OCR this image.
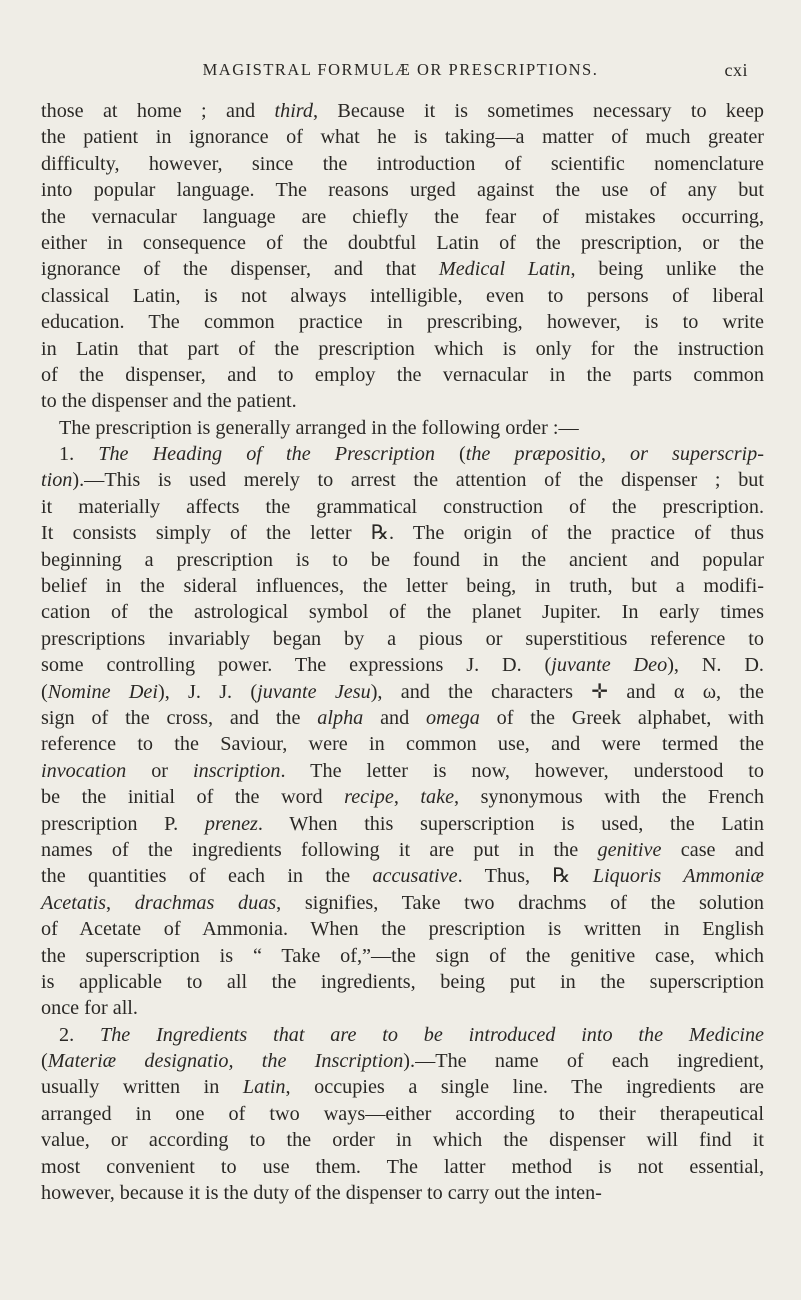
MAGISTRAL FORMULÆ OR PRESCRIPTIONS.	cxi
those at home ; and third, Because it is sometimes necessary to keep
the patient in ignorance of what he is taking—a matter of much greater
difficulty, however, since the introduction of scientific nomenclature
into popular language. The reasons urged against the use of any but
the vernacular language are chiefly the fear of mistakes occurring,
either in consequence of the doubtful Latin of the prescription, or the
ignorance of the dispenser, and that Medical Latin, being unlike the
classical Latin, is not always intelligible, even to persons of liberal
education. The common practice in prescribing, however, is to write
in Latin that part of the prescription which is only for the instruction
of the dispenser, and to employ the vernacular in the parts common
to the dispenser and the patient.
The prescription is generally arranged in the following order :—
1. The Heading of the Prescription (the præpositio, or superscrip-
tion).—This is used merely to arrest the attention of the dispenser ; but
it materially affects the grammatical construction of the prescription.
It consists simply of the letter ℞. The origin of the practice of thus
beginning a prescription is to be found in the ancient and popular
belief in the sideral influences, the letter being, in truth, but a modifi-
cation of the astrological symbol of the planet Jupiter. In early times
prescriptions invariably began by a pious or superstitious reference to
some controlling power. The expressions J. D. (juvante Deo), N. D.
(Nomine Dei), J. J. (juvante Jesu), and the characters ✛ and α ω, the
sign of the cross, and the alpha and omega of the Greek alphabet, with
reference to the Saviour, were in common use, and were termed the
invocation or inscription. The letter is now, however, understood to
be the initial of the word recipe, take, synonymous with the French
prescription P. prenez. When this superscription is used, the Latin
names of the ingredients following it are put in the genitive case and
the quantities of each in the accusative. Thus, ℞ Liquoris Ammoniæ
Acetatis, drachmas duas, signifies, Take two drachms of the solution
of Acetate of Ammonia. When the prescription is written in English
the superscription is “ Take of,”—the sign of the genitive case, which
is applicable to all the ingredients, being put in the superscription
once for all.
2. The Ingredients that are to be introduced into the Medicine
(Materiæ designatio, the Inscription).—The name of each ingredient,
usually written in Latin, occupies a single line. The ingredients are
arranged in one of two ways—either according to their therapeutical
value, or according to the order in which the dispenser will find it
most convenient to use them. The latter method is not essential,
however, because it is the duty of the dispenser to carry out the inten-
